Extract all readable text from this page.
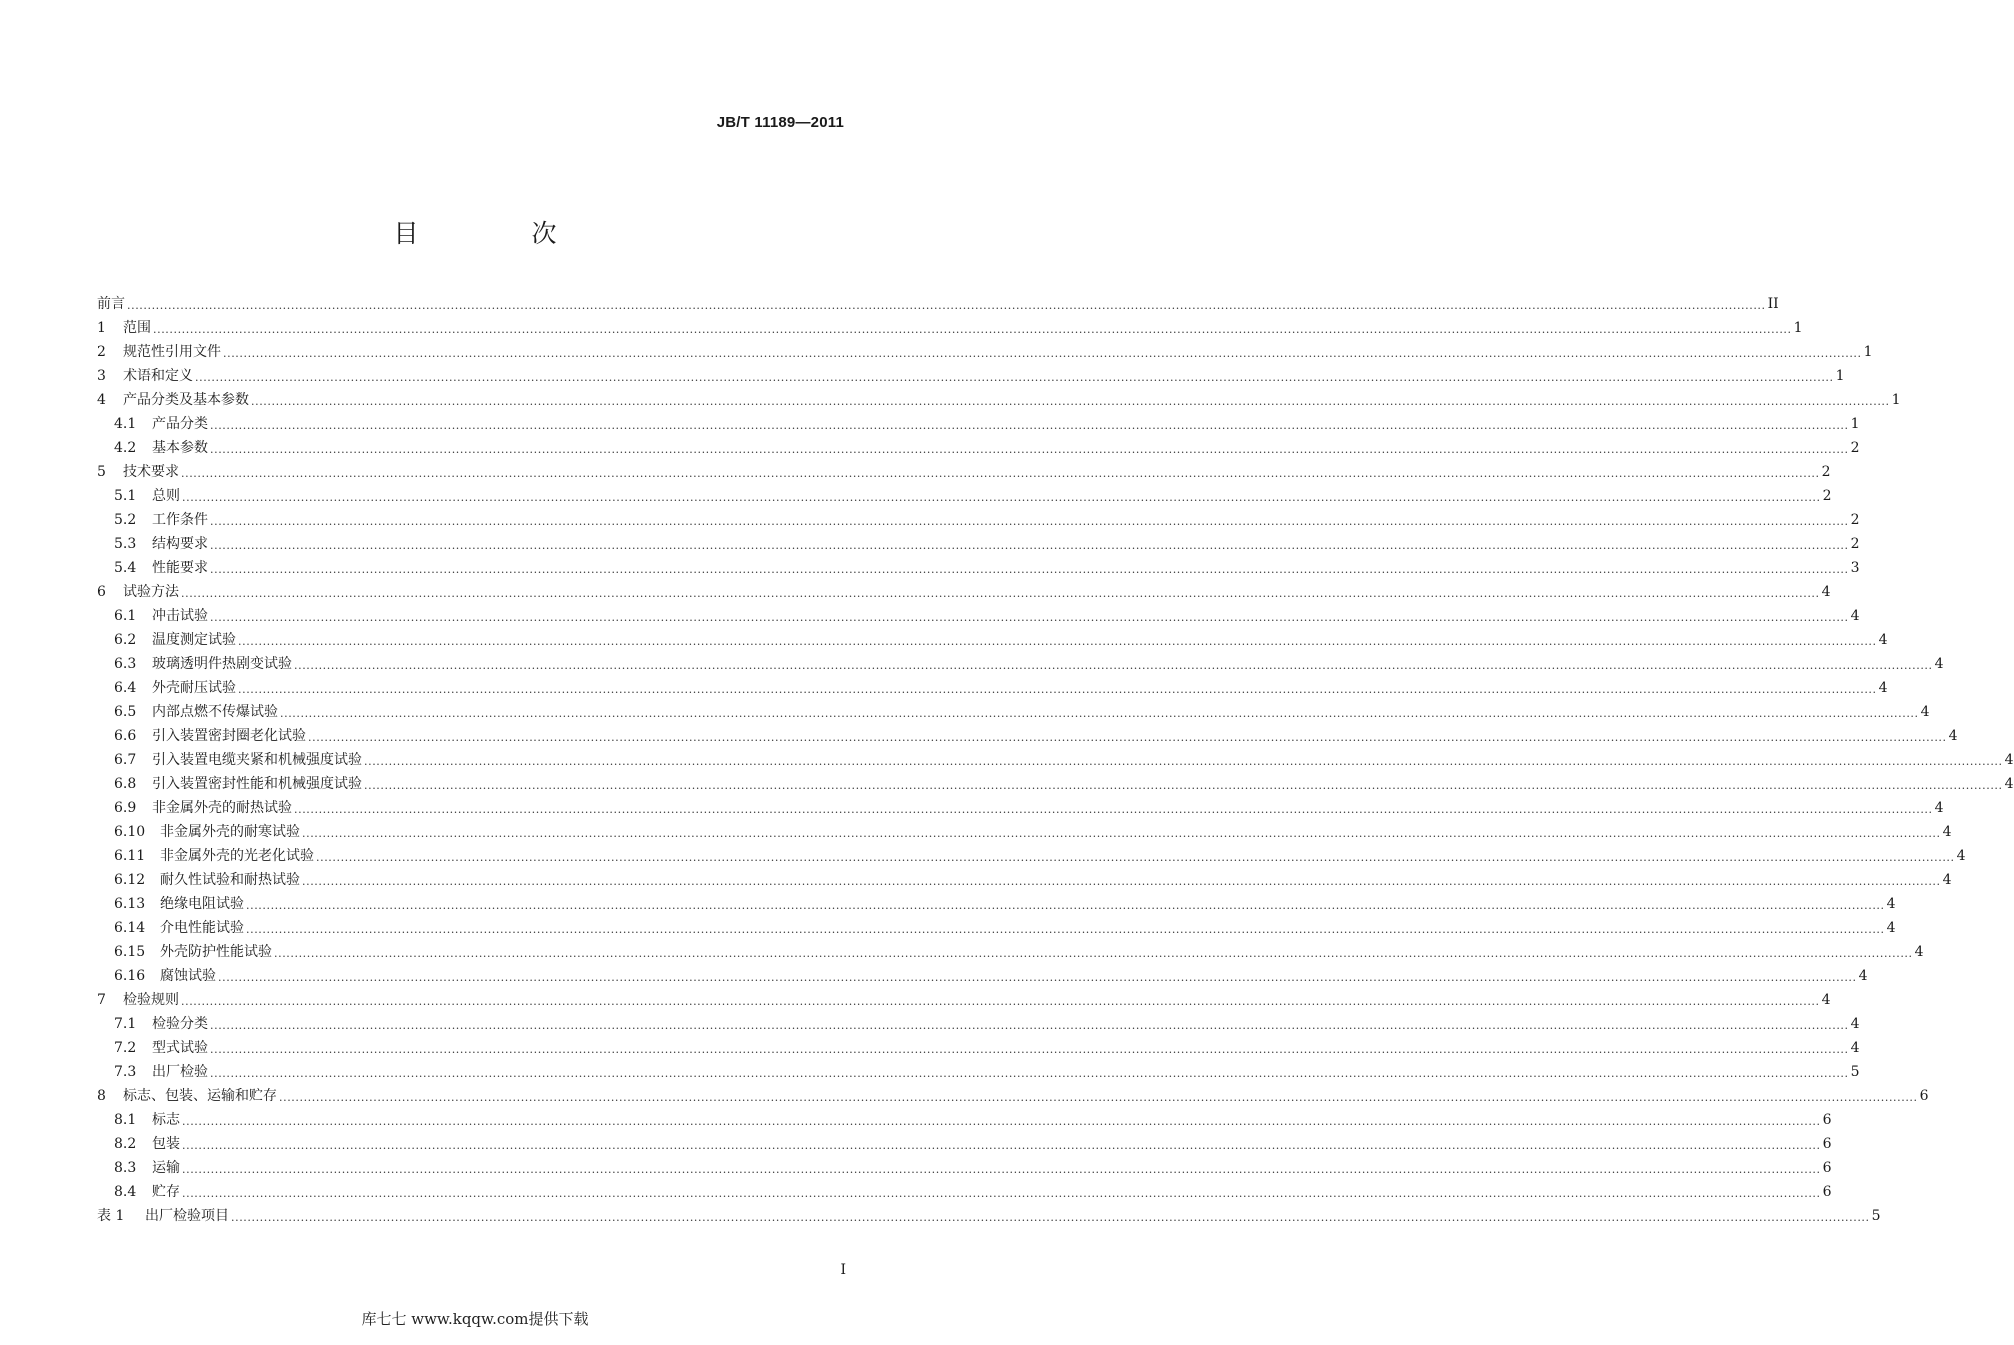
JB/T 11189—2011
目　次
前言 ................................................................................................................................................................................................................................................................................................................................................................................................................ II
1	范围 ................................................................................................................................................................................................................................................................................................................................................................................................................ 1
2	规范性引用文件 ................................................................................................................................................................................................................................................................................................................................................................................................................ 1
3	术语和定义 ................................................................................................................................................................................................................................................................................................................................................................................................................ 1
4	产品分类及基本参数 ................................................................................................................................................................................................................................................................................................................................................................................................................ 1
4.1	产品分类 ................................................................................................................................................................................................................................................................................................................................................................................................................ 1
4.2	基本参数 ................................................................................................................................................................................................................................................................................................................................................................................................................ 2
5	技术要求 ................................................................................................................................................................................................................................................................................................................................................................................................................ 2
5.1	总则 ................................................................................................................................................................................................................................................................................................................................................................................................................ 2
5.2	工作条件 ................................................................................................................................................................................................................................................................................................................................................................................................................ 2
5.3	结构要求 ................................................................................................................................................................................................................................................................................................................................................................................................................ 2
5.4	性能要求 ................................................................................................................................................................................................................................................................................................................................................................................................................ 3
6	试验方法 ................................................................................................................................................................................................................................................................................................................................................................................................................ 4
6.1	冲击试验 ................................................................................................................................................................................................................................................................................................................................................................................................................ 4
6.2	温度测定试验 ................................................................................................................................................................................................................................................................................................................................................................................................................ 4
6.3	玻璃透明件热剧变试验 ................................................................................................................................................................................................................................................................................................................................................................................................................ 4
6.4	外壳耐压试验 ................................................................................................................................................................................................................................................................................................................................................................................................................ 4
6.5	内部点燃不传爆试验 ................................................................................................................................................................................................................................................................................................................................................................................................................ 4
6.6	引入装置密封圈老化试验 ................................................................................................................................................................................................................................................................................................................................................................................................................ 4
6.7	引入装置电缆夹紧和机械强度试验 ................................................................................................................................................................................................................................................................................................................................................................................................................ 4
6.8	引入装置密封性能和机械强度试验 ................................................................................................................................................................................................................................................................................................................................................................................................................ 4
6.9	非金属外壳的耐热试验 ................................................................................................................................................................................................................................................................................................................................................................................................................ 4
6.10	非金属外壳的耐寒试验 ................................................................................................................................................................................................................................................................................................................................................................................................................ 4
6.11	非金属外壳的光老化试验 ................................................................................................................................................................................................................................................................................................................................................................................................................ 4
6.12	耐久性试验和耐热试验 ................................................................................................................................................................................................................................................................................................................................................................................................................ 4
6.13	绝缘电阻试验 ................................................................................................................................................................................................................................................................................................................................................................................................................ 4
6.14	介电性能试验 ................................................................................................................................................................................................................................................................................................................................................................................................................ 4
6.15	外壳防护性能试验 ................................................................................................................................................................................................................................................................................................................................................................................................................ 4
6.16	腐蚀试验 ................................................................................................................................................................................................................................................................................................................................................................................................................ 4
7	检验规则 ................................................................................................................................................................................................................................................................................................................................................................................................................ 4
7.1	检验分类 ................................................................................................................................................................................................................................................................................................................................................................................................................ 4
7.2	型式试验 ................................................................................................................................................................................................................................................................................................................................................................................................................ 4
7.3	出厂检验 ................................................................................................................................................................................................................................................................................................................................................................................................................ 5
8	标志、包装、运输和贮存 ................................................................................................................................................................................................................................................................................................................................................................................................................ 6
8.1	标志 ................................................................................................................................................................................................................................................................................................................................................................................................................ 6
8.2	包装 ................................................................................................................................................................................................................................................................................................................................................................................................................ 6
8.3	运输 ................................................................................................................................................................................................................................................................................................................................................................................................................ 6
8.4	贮存 ................................................................................................................................................................................................................................................................................................................................................................................................................ 6
表 1	出厂检验项目 ................................................................................................................................................................................................................................................................................................................................................................................................................ 5
I
库七七 www.kqqw.com提供下载
